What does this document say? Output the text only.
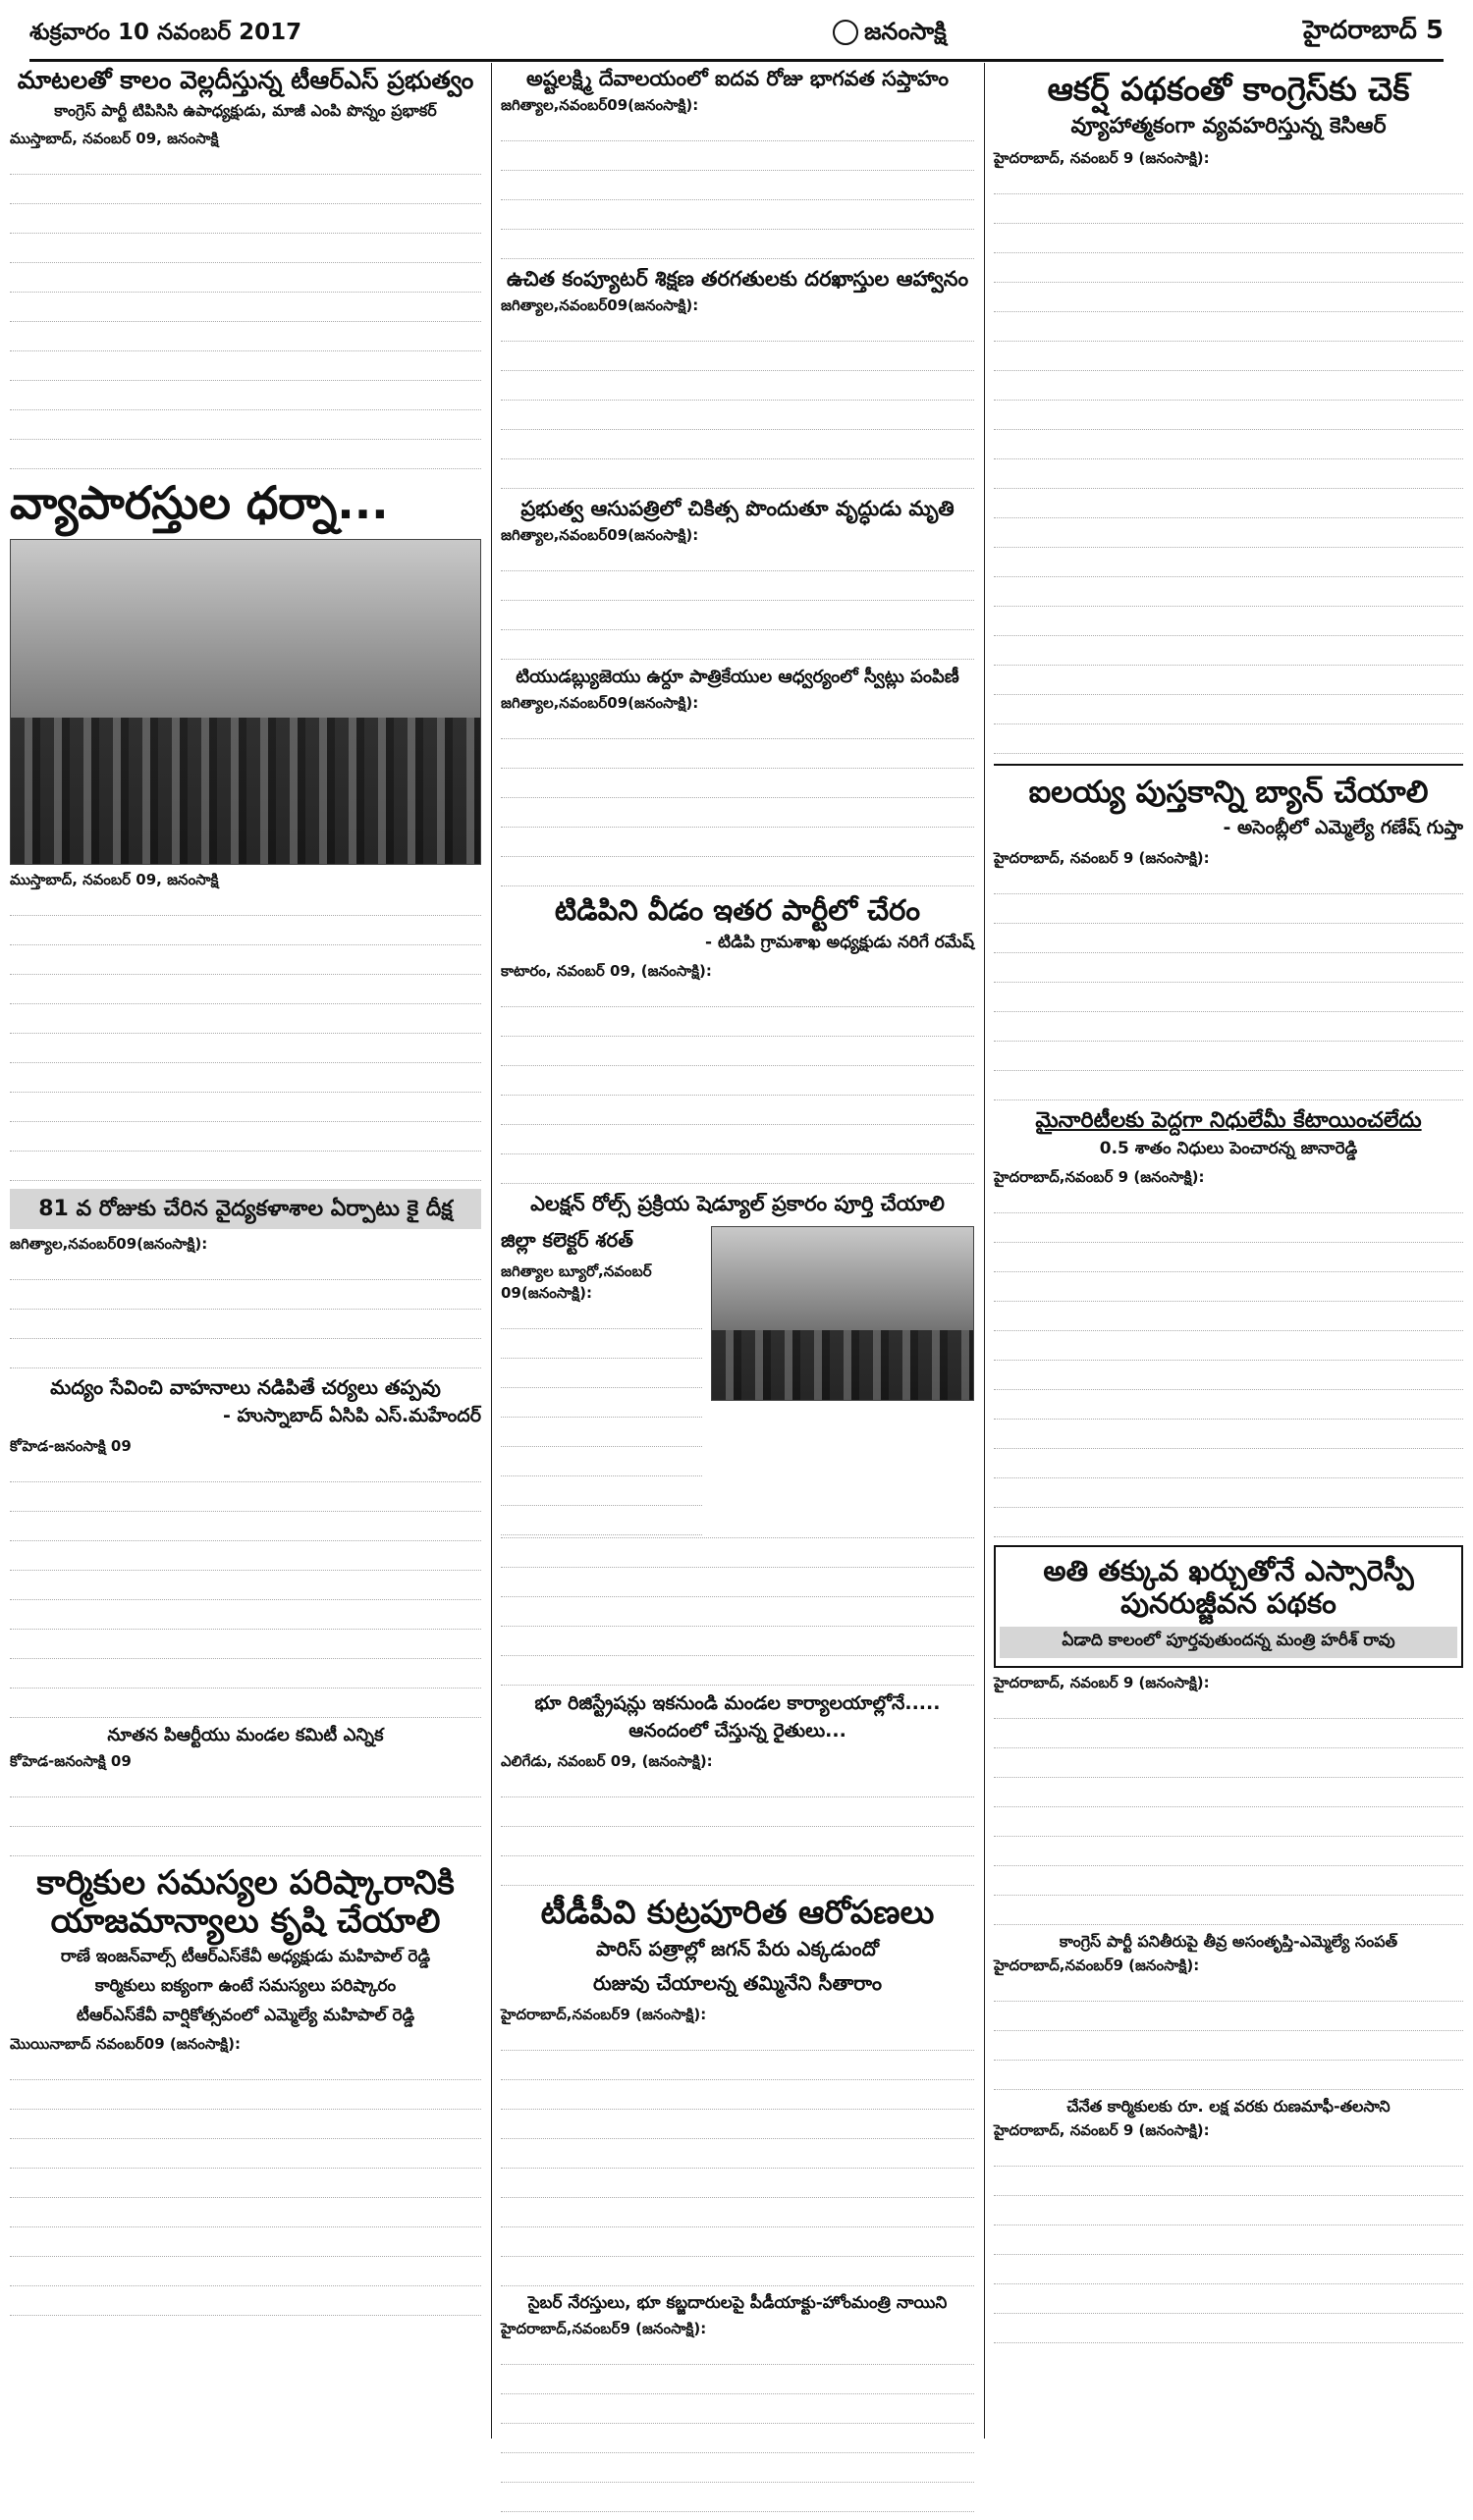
శుక్రవారం 10 నవంబర్ 2017	జనంసాక్షి	హైదరాబాద్ 5
మాటలతో కాలం వెల్లదీస్తున్న టీఆర్ఎస్ ప్రభుత్వం
కాంగ్రెస్ పార్టీ టిపిసిసి ఉపాధ్యక్షుడు, మాజీ ఎంపి పొన్నం ప్రభాకర్
ముస్తాబాద్, నవంబర్ 09, జనంసాక్షి
వ్యాపారస్తుల ధర్నా...
ముస్తాబాద్, నవంబర్ 09, జనంసాక్షి
81 వ రోజుకు చేరిన వైద్యకళాశాల ఏర్పాటు కై దీక్ష
జగిత్యాల,నవంబర్09(జనంసాక్షి):
మద్యం సేవించి వాహనాలు నడిపితే చర్యలు తప్పవు
- హుస్నాబాద్ ఏసిపి ఎస్.మహేందర్
కోహెడ-జనంసాక్షి 09
నూతన పిఆర్టీయు మండల కమిటీ ఎన్నిక
కోహెడ-జనంసాక్షి 09
కార్మికుల సమస్యల పరిష్కారానికి యాజమాన్యాలు కృషి చేయాలి
రాణే ఇంజన్‌వాల్స్ టీఆర్‌ఎస్‌కేవీ అధ్యక్షుడు మహిపాల్ రెడ్డి
కార్మికులు ఐక్యంగా ఉంటే సమస్యలు పరిష్కారం
టీఆర్‌ఎస్‌కేవీ వార్షికోత్సవంలో ఎమ్మెల్యే మహిపాల్ రెడ్డి
మొయినాబాద్ నవంబర్09 (జనంసాక్షి):
అష్టలక్ష్మి దేవాలయంలో ఐదవ రోజు భాగవత సప్తాహం
జగిత్యాల,నవంబర్09(జనంసాక్షి):
ఉచిత కంప్యూటర్ శిక్షణ తరగతులకు దరఖాస్తుల ఆహ్వానం
జగిత్యాల,నవంబర్09(జనంసాక్షి):
ప్రభుత్వ ఆసుపత్రిలో చికిత్స పొందుతూ వృద్ధుడు మృతి
జగిత్యాల,నవంబర్09(జనంసాక్షి):
టియుడబ్ల్యుజెయు ఉర్దూ పాత్రికేయుల ఆధ్వర్యంలో స్వీట్లు పంపిణీ
జగిత్యాల,నవంబర్09(జనంసాక్షి):
టిడిపిని వీడం ఇతర పార్టీలో చేరం
- టిడిపి గ్రామశాఖ అధ్యక్షుడు నరిగే రమేష్
కాటారం, నవంబర్ 09, (జనంసాక్షి):
ఎలక్షన్ రోల్స్ ప్రక్రియ షెడ్యూల్ ప్రకారం పూర్తి చేయాలి
జిల్లా కలెక్టర్ శరత్
జగిత్యాల బ్యూరో,నవంబర్ 09(జనంసాక్షి):
భూ రిజిస్ట్రేషన్లు ఇకనుండి మండల కార్యాలయాల్లోనే.....
ఆనందంలో చేస్తున్న రైతులు...
ఎలిగేడు, నవంబర్ 09, (జనంసాక్షి):
టీడీపీవి కుట్రపూరిత ఆరోపణలు
పారిస్ పత్రాల్లో జగన్ పేరు ఎక్కడుందో
రుజువు చేయాలన్న తమ్మినేని సీతారాం
హైదరాబాద్,నవంబర్9 (జనంసాక్షి):
సైబర్ నేరస్తులు, భూ కబ్జదారులపై పీడీయాక్టు-హోంమంత్రి నాయిని
హైదరాబాద్,నవంబర్9 (జనంసాక్షి):
ఆకర్ష్ పథకంతో కాంగ్రెస్‌కు చెక్
వ్యూహాత్మకంగా వ్యవహరిస్తున్న కెసిఆర్
హైదరాబాద్, నవంబర్ 9 (జనంసాక్షి):
ఐలయ్య పుస్తకాన్ని బ్యాన్ చేయాలి
- అసెంబ్లీలో ఎమ్మెల్యే గణేష్ గుప్తా
హైదరాబాద్, నవంబర్ 9 (జనంసాక్షి):
మైనారిటీలకు పెద్దగా నిధులేమీ కేటాయించలేదు
0.5 శాతం నిధులు పెంచారన్న జానారెడ్డి
హైదరాబాద్,నవంబర్ 9 (జనంసాక్షి):
అతి తక్కువ ఖర్చుతోనే ఎస్సారెస్పీ పునరుజ్జీవన పథకం
ఏడాది కాలంలో పూర్తవుతుందన్న మంత్రి హరీశ్ రావు
హైదరాబాద్, నవంబర్ 9 (జనంసాక్షి):
కాంగ్రెస్ పార్టీ పనితీరుపై తీవ్ర అసంతృప్తి-ఎమ్మెల్యే సంపత్
హైదరాబాద్,నవంబర్9 (జనంసాక్షి):
చేనేత కార్మికులకు రూ. లక్ష వరకు రుణమాఫీ-తలసాని
హైదరాబాద్, నవంబర్ 9 (జనంసాక్షి):
